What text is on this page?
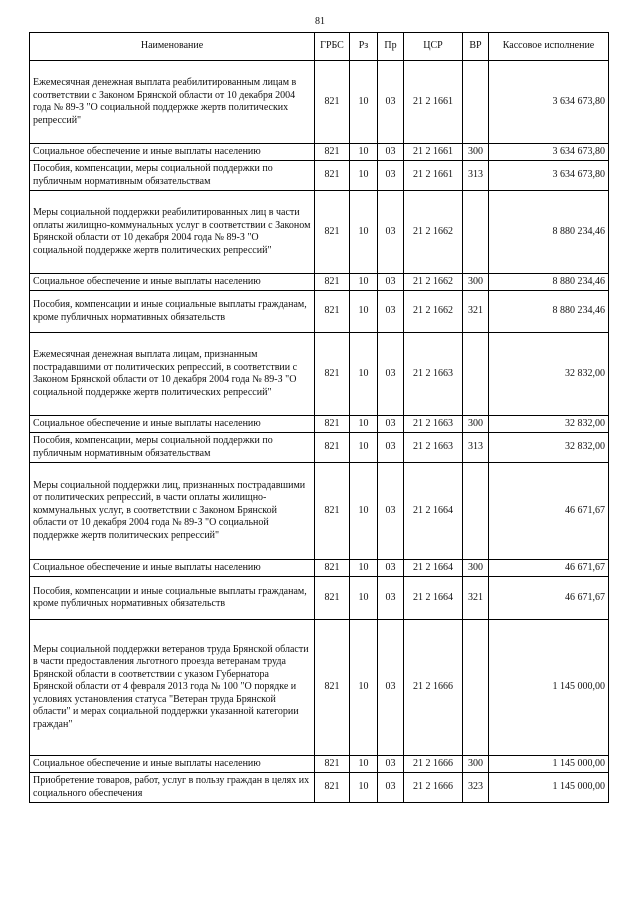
81
Наименование	ГРБС	Рз	Пр	ЦСР	ВР	Кассовое исполнение
Ежемесячная денежная выплата реабилитированным лицам в соответствии с Законом Брянской области от 10 декабря 2004 года № 89-З "О социальной поддержке жертв политических репрессий"	821	10	03	21 2 1661		3 634 673,80
Социальное обеспечение и иные выплаты населению	821	10	03	21 2 1661	300	3 634 673,80
Пособия, компенсации, меры социальной поддержки по публичным нормативным обязательствам	821	10	03	21 2 1661	313	3 634 673,80
Меры социальной поддержки реабилитированных лиц в части оплаты жилищно-коммунальных услуг в соответствии с Законом Брянской области от 10 декабря 2004 года № 89-З "О социальной поддержке жертв политических репрессий"	821	10	03	21 2 1662		8 880 234,46
Социальное обеспечение и иные выплаты населению	821	10	03	21 2 1662	300	8 880 234,46
Пособия, компенсации и иные социальные выплаты гражданам, кроме публичных нормативных обязательств	821	10	03	21 2 1662	321	8 880 234,46
Ежемесячная денежная выплата лицам, признанным пострадавшими от политических репрессий, в соответствии с Законом Брянской области от 10 декабря 2004 года № 89-З "О социальной поддержке жертв политических репрессий"	821	10	03	21 2 1663		32 832,00
Социальное обеспечение и иные выплаты населению	821	10	03	21 2 1663	300	32 832,00
Пособия, компенсации, меры социальной поддержки по публичным нормативным обязательствам	821	10	03	21 2 1663	313	32 832,00
Меры социальной поддержки лиц, признанных пострадавшими от политических репрессий, в части оплаты жилищно-коммунальных услуг, в соответствии с Законом Брянской области от 10 декабря 2004 года № 89-З "О социальной поддержке жертв политических репрессий"	821	10	03	21 2 1664		46 671,67
Социальное обеспечение и иные выплаты населению	821	10	03	21 2 1664	300	46 671,67
Пособия, компенсации и иные социальные выплаты гражданам, кроме публичных нормативных обязательств	821	10	03	21 2 1664	321	46 671,67
Меры социальной поддержки ветеранов труда Брянской области в части предоставления льготного проезда ветеранам труда Брянской области в соответствии с указом Губернатора Брянской области от 4 февраля 2013 года № 100 "О порядке и условиях установления статуса "Ветеран труда Брянской области" и мерах социальной поддержки указанной категории граждан"	821	10	03	21 2 1666		1 145 000,00
Социальное обеспечение и иные выплаты населению	821	10	03	21 2 1666	300	1 145 000,00
Приобретение товаров, работ, услуг в пользу граждан в целях их социального обеспечения	821	10	03	21 2 1666	323	1 145 000,00
